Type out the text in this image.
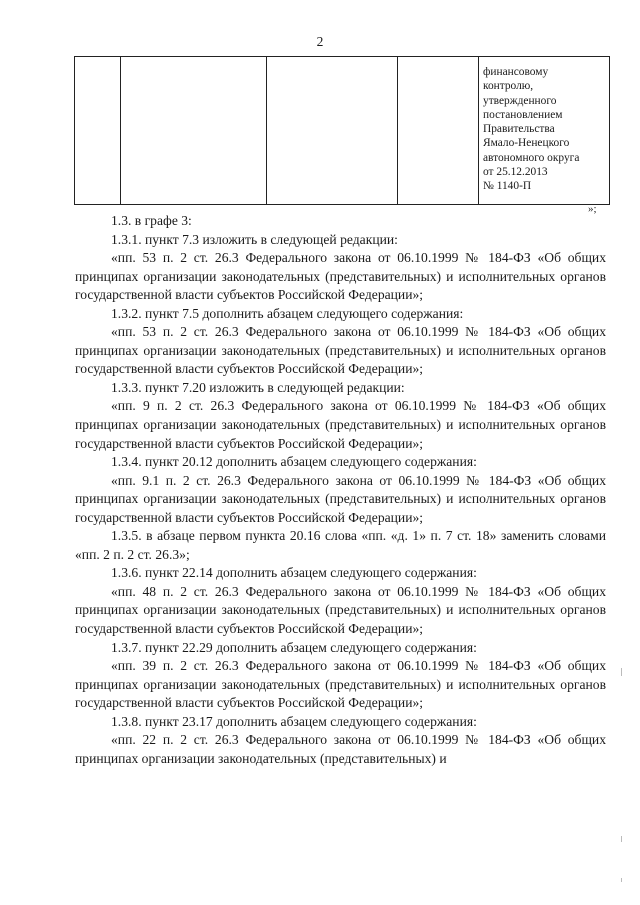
2

финансовому
контролю,
утвержденного
постановлением
Правительства
Ямало-Ненецкого
автономного округа
от 25.12.2013
№ 1140-П
»;

1.3. в графе 3:

1.3.1. пункт 7.3 изложить в следующей редакции:

«пп. 53 п. 2 ст. 26.3 Федерального закона от 06.10.1999 № 184-ФЗ «Об общих принципах организации законодательных (представительных) и исполнительных органов государственной власти субъектов Российской Федерации»;

1.3.2. пункт 7.5 дополнить абзацем следующего содержания:

«пп. 53 п. 2 ст. 26.3 Федерального закона от 06.10.1999 № 184-ФЗ «Об общих принципах организации законодательных (представительных) и исполнительных органов государственной власти субъектов Российской Федерации»;

1.3.3. пункт 7.20 изложить в следующей редакции:

«пп. 9 п. 2 ст. 26.3 Федерального закона от 06.10.1999 № 184-ФЗ «Об общих принципах организации законодательных (представительных) и исполнительных органов государственной власти субъектов Российской Федерации»;

1.3.4. пункт 20.12 дополнить абзацем следующего содержания:

«пп. 9.1 п. 2 ст. 26.3 Федерального закона от 06.10.1999 № 184-ФЗ «Об общих принципах организации законодательных (представительных) и исполнительных органов государственной власти субъектов Российской Федерации»;

1.3.5. в абзаце первом пункта 20.16 слова «пп. «д. 1» п. 7 ст. 18» заменить словами «пп. 2 п. 2 ст. 26.3»;

1.3.6. пункт 22.14 дополнить абзацем следующего содержания:

«пп. 48 п. 2 ст. 26.3 Федерального закона от 06.10.1999 № 184-ФЗ «Об общих принципах организации законодательных (представительных) и исполнительных органов государственной власти субъектов Российской Федерации»;

1.3.7. пункт 22.29 дополнить абзацем следующего содержания:

«пп. 39 п. 2 ст. 26.3 Федерального закона от 06.10.1999 № 184-ФЗ «Об общих принципах организации законодательных (представительных) и исполнительных органов государственной власти субъектов Российской Федерации»;

1.3.8. пункт 23.17 дополнить абзацем следующего содержания:

«пп. 22 п. 2 ст. 26.3 Федерального закона от 06.10.1999 № 184-ФЗ «Об общих принципах организации законодательных (представительных) и
